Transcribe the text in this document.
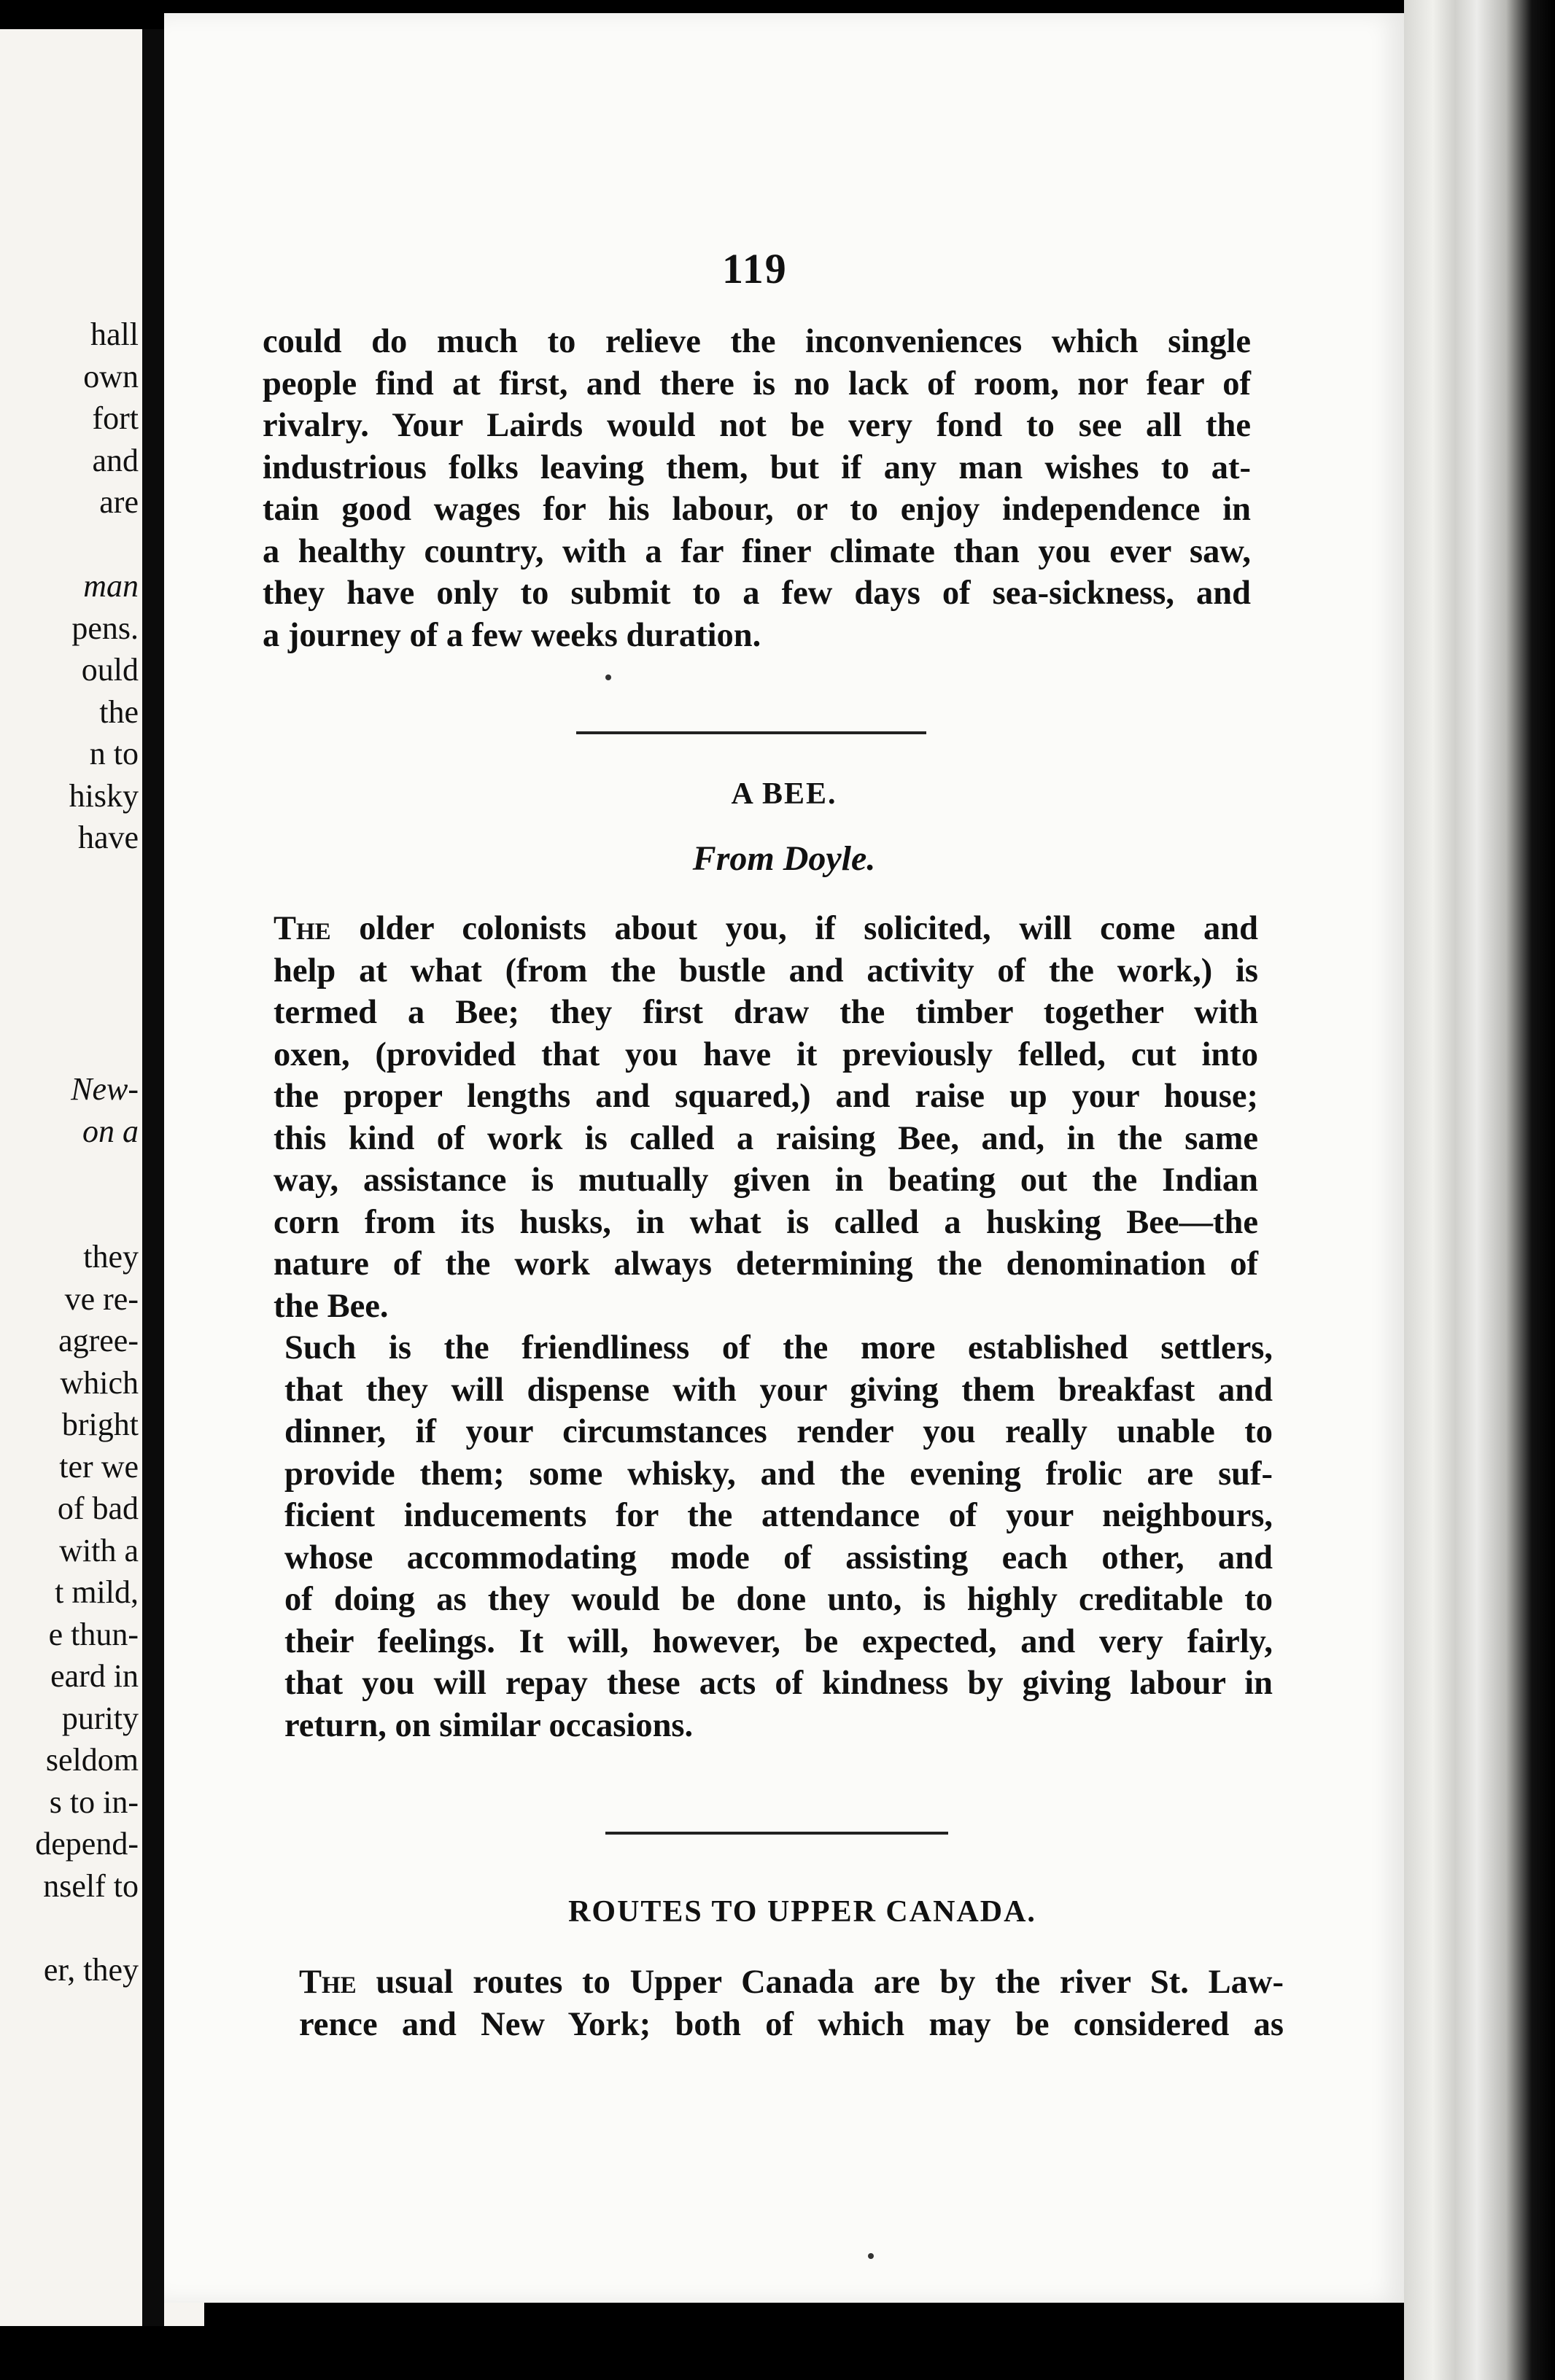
hall
own
fort
and
are
man
pens.
ould
the
n to
hisky
have
New-
on a
they
ve re-
agree-
which
bright
ter we
of bad
with a
t mild,
e thun-
eard in
purity
seldom
s to in-
depend-
nself to
er, they
119
could do much to relieve the inconveniences which single
people find at first, and there is no lack of room, nor fear of
rivalry. Your Lairds would not be very fond to see all the
industrious folks leaving them, but if any man wishes to at-
tain good wages for his labour, or to enjoy independence in
a healthy country, with a far finer climate than you ever saw,
they have only to submit to a few days of sea-sickness, and
a journey of a few weeks duration.
A BEE.
From Doyle.
The older colonists about you, if solicited, will come and
help at what (from the bustle and activity of the work,) is
termed a Bee; they first draw the timber together with
oxen, (provided that you have it previously felled, cut into
the proper lengths and squared,) and raise up your house;
this kind of work is called a raising Bee, and, in the same
way, assistance is mutually given in beating out the Indian
corn from its husks, in what is called a husking Bee—the
nature of the work always determining the denomination of
the Bee.
Such is the friendliness of the more established settlers,
that they will dispense with your giving them breakfast and
dinner, if your circumstances render you really unable to
provide them; some whisky, and the evening frolic are suf-
ficient inducements for the attendance of your neighbours,
whose accommodating mode of assisting each other, and
of doing as they would be done unto, is highly creditable to
their feelings. It will, however, be expected, and very fairly,
that you will repay these acts of kindness by giving labour in
return, on similar occasions.
ROUTES TO UPPER CANADA.
The usual routes to Upper Canada are by the river St. Law-
rence and New York; both of which may be considered as
